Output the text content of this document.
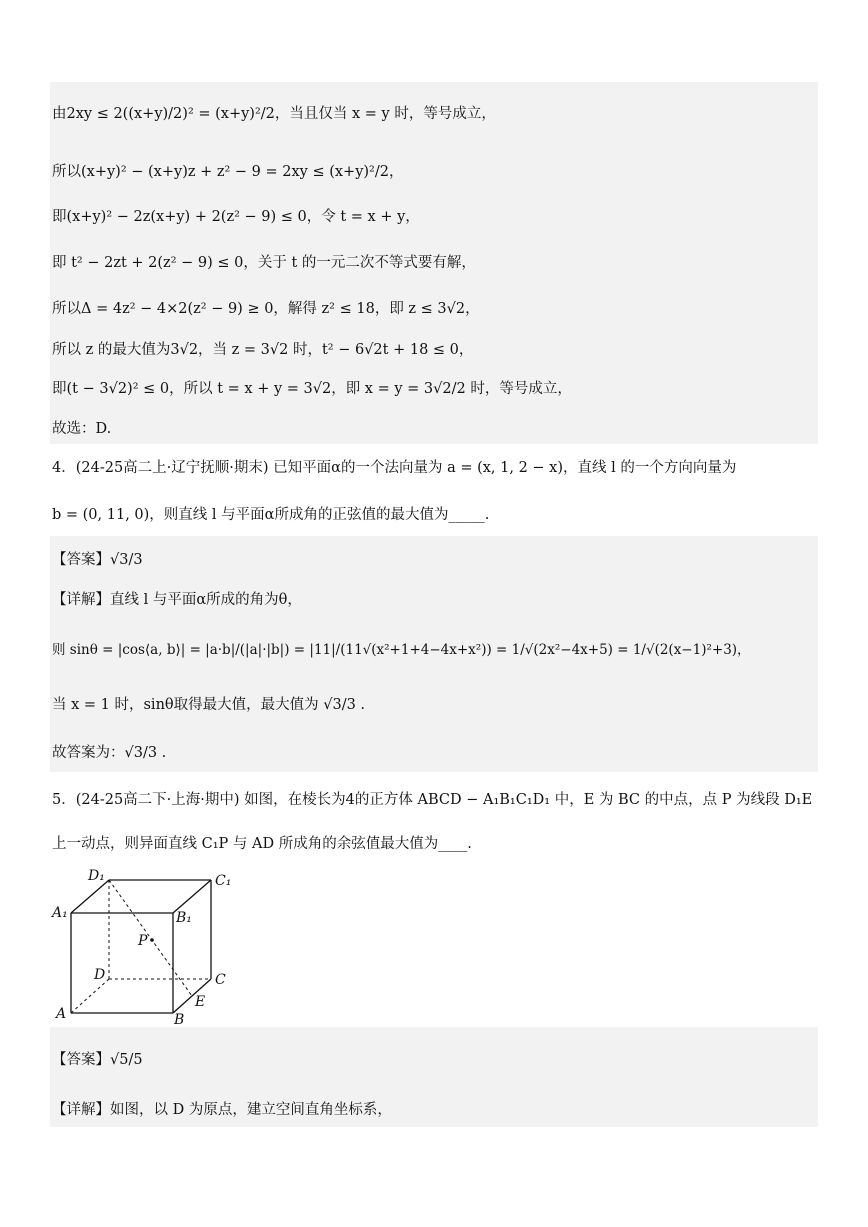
由2xy ≤ 2((x+y)/2)² = (x+y)²/2，当且仅当 x = y 时，等号成立，
所以(x+y)² − (x+y)z + z² − 9 = 2xy ≤ (x+y)²/2，
即(x+y)² − 2z(x+y) + 2(z² − 9) ≤ 0，令 t = x + y，
即 t² − 2zt + 2(z² − 9) ≤ 0，关于 t 的一元二次不等式要有解，
所以Δ = 4z² − 4×2(z² − 9) ≥ 0，解得 z² ≤ 18，即 z ≤ 3√2，
所以 z 的最大值为3√2，当 z = 3√2 时，t² − 6√2t + 18 ≤ 0，
即(t − 3√2)² ≤ 0，所以 t = x + y = 3√2，即 x = y = 3√2/2 时，等号成立，
故选：D.
4．(24-25高二上·辽宁抚顺·期末) 已知平面α的一个法向量为 a = (x, 1, 2 − x)，直线 l 的一个方向向量为
b = (0, 11, 0)，则直线 l 与平面α所成角的正弦值的最大值为_____.
【答案】√3/3
【详解】直线 l 与平面α所成的角为θ，
则 sinθ = |cos⟨a, b⟩| = |a·b|/(|a|·|b|) = |11|/(11√(x²+1+4−4x+x²)) = 1/√(2x²−4x+5) = 1/√(2(x−1)²+3)，
当 x = 1 时，sinθ取得最大值，最大值为 √3/3 .
故答案为：√3/3 .
5．(24-25高二下·上海·期中) 如图，在棱长为4的正方体 ABCD − A₁B₁C₁D₁ 中，E 为 BC 的中点，点 P 为线段 D₁E
上一动点，则异面直线 C₁P 与 AD 所成角的余弦值最大值为____.
D₁	C₁
A₁	B₁
P
D	C
E
A	B
【答案】√5/5
【详解】如图，以 D 为原点，建立空间直角坐标系，
